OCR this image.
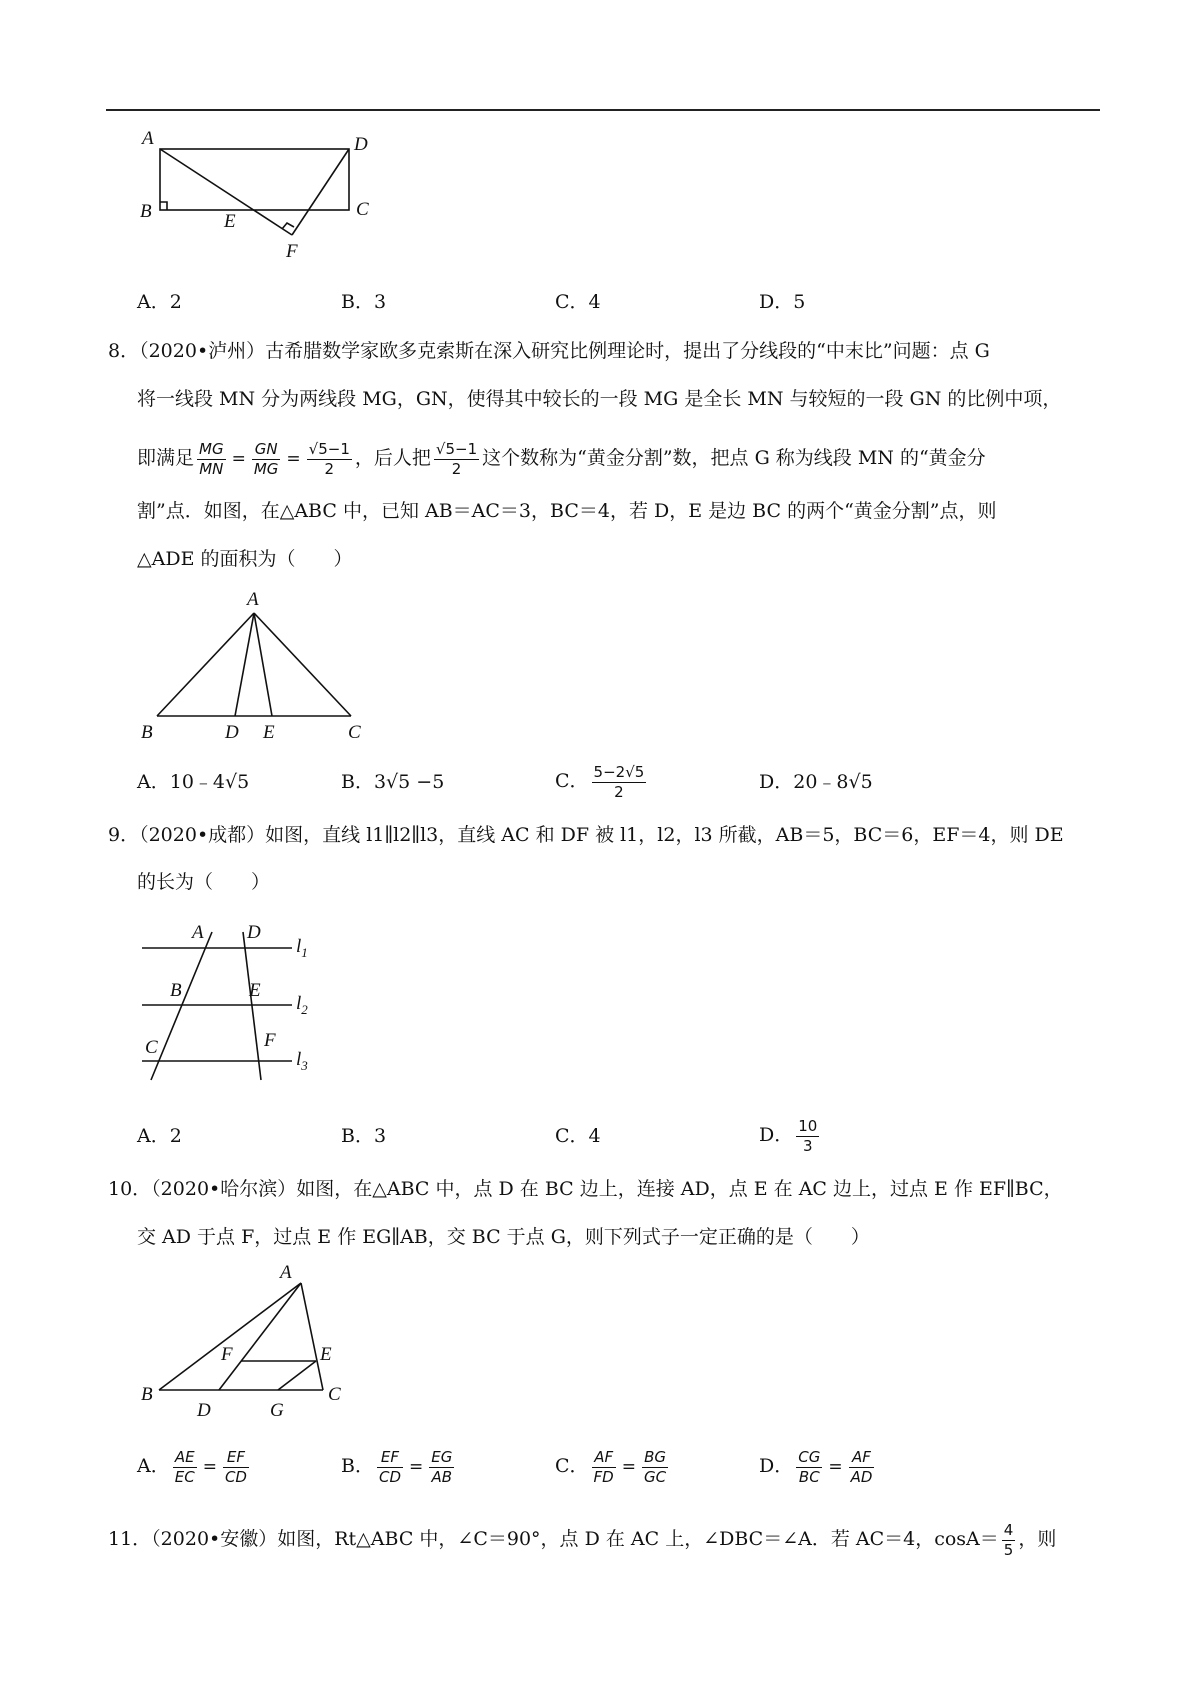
A
B	C
D
E
F
A．2	B．3	C．4	D．5
8．（2020•泸州）古希腊数学家欧多克索斯在深入研究比例理论时，提出了分线段的“中末比”问题：点 G
将一线段 MN 分为两线段 MG，GN，使得其中较长的一段 MG 是全长 MN 与较短的一段 GN 的比例中项，
即满足 $\frac{MG}{MN} = \frac{GN}{MG} = \frac{√5-1}{2}$ ，后人把 $\frac{√5-1}{2}$ 这个数称为“黄金分割”数，把点 G 称为线段 MN 的“黄金分
割”点．如图，在△ABC 中，已知 AB＝AC＝3，BC＝4，若 D，E 是边 BC 的两个“黄金分割”点，则
△ADE 的面积为（　　）
A
B	C
D E
A．10﹣4√5	B．3√5 −5	C． $\frac{5-2√5}{2}$	D．20﹣8√5
9．（2020•成都）如图，直线 l1∥l2∥l3，直线 AC 和 DF 被 l1，l2，l3 所截，AB＝5，BC＝6，EF＝4，则 DE
的长为（　　）
A
B
C
D
E
F
$l_1$
$l_2$
$l_3$
A．2	B．3	C．4	D． $\frac{10}{3}$
10．（2020•哈尔滨）如图，在△ABC 中，点 D 在 BC 边上，连接 AD，点 E 在 AC 边上，过点 E 作 EF∥BC，
交 AD 于点 F，过点 E 作 EG∥AB，交 BC 于点 G，则下列式子一定正确的是（　　）
A
B	C
D
E
F
G
A． $\frac{AE}{EC} = \frac{EF}{CD}$	B． $\frac{EF}{CD} = \frac{EG}{AB}$	C． $\frac{AF}{FD} = \frac{BG}{GC}$	D． $\frac{CG}{BC} = \frac{AF}{AD}$
11．（2020•安徽）如图，Rt△ABC 中，∠C＝90°，点 D 在 AC 上，∠DBC＝∠A．若 AC＝4，$\cos A= \frac{4}{5}$ ，则
